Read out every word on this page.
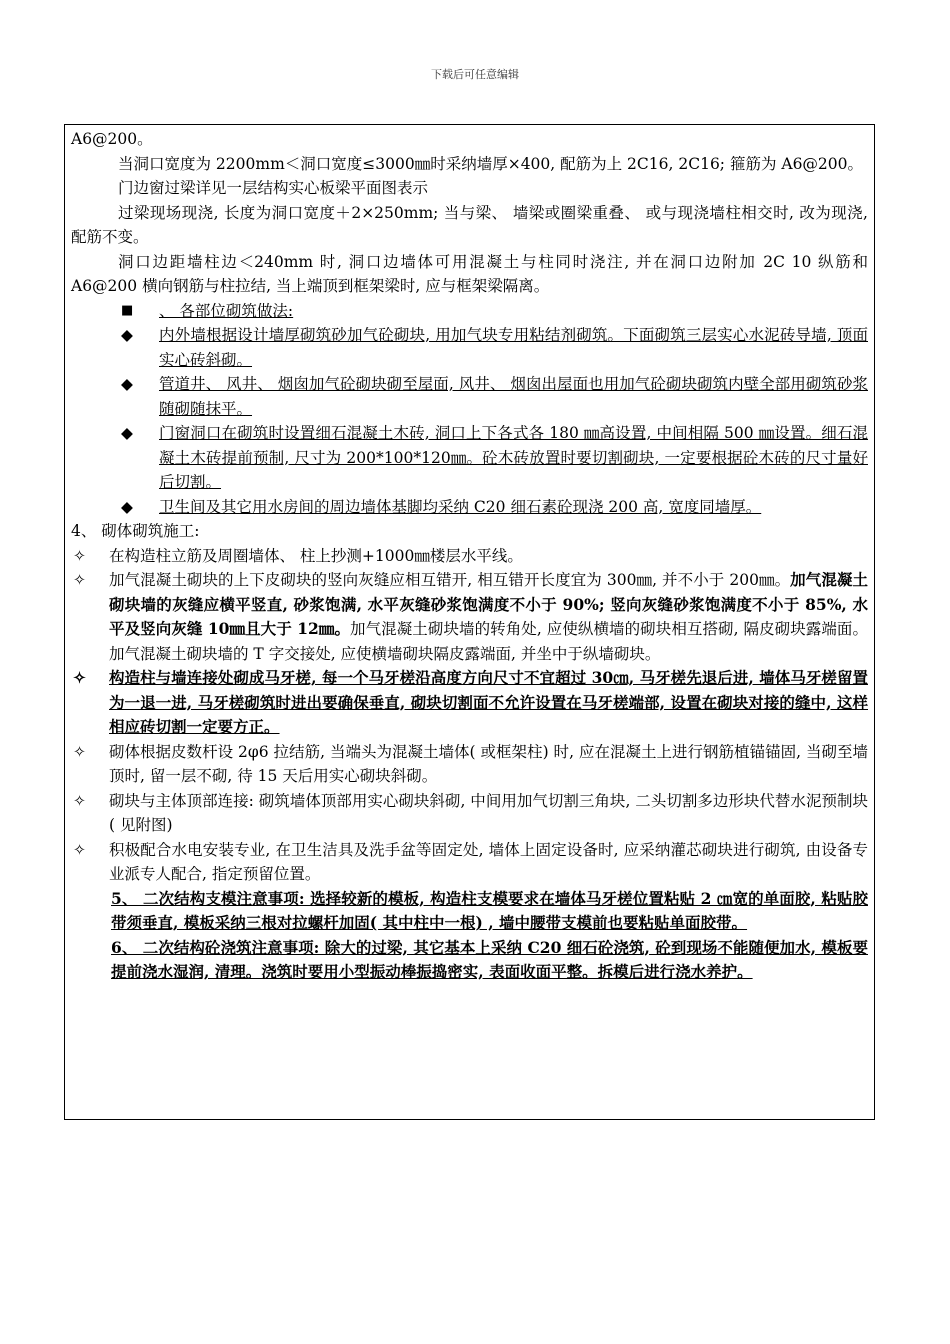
下载后可任意编辑

A6@200。

当洞口宽度为 2200mm＜洞口宽度≤3000㎜时采纳墙厚×400, 配筋为上 2C16, 2C16; 箍筋为 A6@200。

门边窗过梁详见一层结构实心板梁平面图表示

过梁现场现浇, 长度为洞口宽度＋2×250mm; 当与梁、 墙梁或圈梁重叠、 或与现浇墙柱相交时, 改为现浇, 配筋不变。

洞口边距墙柱边＜240mm 时, 洞口边墙体可用混凝土与柱同时浇注, 并在洞口边附加 2C 10 纵筋和 A6@200 横向钢筋与柱拉结, 当上端顶到框架梁时, 应与框架梁隔离。

■	、 各部位砌筑做法:
◆	内外墙根据设计墙厚砌筑砂加气砼砌块, 用加气块专用粘结剂砌筑。下面砌筑三层实心水泥砖导墙, 顶面实心砖斜砌。
◆	管道井、 风井、 烟囱加气砼砌块砌至屋面, 风井、 烟囱出屋面也用加气砼砌块砌筑内壁全部用砌筑砂浆随砌随抹平。
◆	门窗洞口在砌筑时设置细石混凝土木砖, 洞口上下各式各 180 ㎜高设置, 中间相隔 500 ㎜设置。细石混凝土木砖提前预制, 尺寸为 200*100*120㎜。砼木砖放置时要切割砌块, 一定要根据砼木砖的尺寸量好后切割。
◆	卫生间及其它用水房间的周边墙体基脚均采纳 C20 细石素砼现浇 200 高, 宽度同墙厚。

4、 砌体砌筑施工:

✧	在构造柱立筋及周圈墙体、 柱上抄测+1000㎜楼层水平线。
✧	加气混凝土砌块的上下皮砌块的竖向灰缝应相互错开, 相互错开长度宜为 300㎜, 并不小于 200㎜。加气混凝土砌块墙的灰缝应横平竖直, 砂浆饱满, 水平灰缝砂浆饱满度不小于 90%; 竖向灰缝砂浆饱满度不小于 85%, 水平及竖向灰缝 10㎜且大于 12㎜。加气混凝土砌块墙的转角处, 应使纵横墙的砌块相互搭砌, 隔皮砌块露端面。加气混凝土砌块墙的 T 字交接处, 应使横墙砌块隔皮露端面, 并坐中于纵墙砌块。
✧	构造柱与墙连接处砌成马牙槎, 每一个马牙槎沿高度方向尺寸不宜超过 30㎝, 马牙槎先退后进, 墙体马牙槎留置为一退一进, 马牙槎砌筑时进出要确保垂直, 砌块切割面不允许设置在马牙槎端部, 设置在砌块对接的缝中, 这样相应砖切割一定要方正。
✧	砌体根据皮数杆设 2φ6 拉结筋, 当端头为混凝土墙体( 或框架柱) 时, 应在混凝土上进行钢筋植锚锚固, 当砌至墙顶时, 留一层不砌, 待 15 天后用实心砌块斜砌。
✧	砌块与主体顶部连接: 砌筑墙体顶部用实心砌块斜砌, 中间用加气切割三角块, 二头切割多边形块代替水泥预制块( 见附图)
✧	积极配合水电安装专业, 在卫生洁具及洗手盆等固定处, 墙体上固定设备时, 应采纳灌芯砌块进行砌筑, 由设备专业派专人配合, 指定预留位置。

5、 二次结构支模注意事项: 选择较新的模板, 构造柱支模要求在墙体马牙槎位置粘贴 2 ㎝宽的单面胶, 粘贴胶带须垂直, 模板采纳三根对拉螺杆加固( 其中柱中一根) , 墙中腰带支模前也要粘贴单面胶带。

6、 二次结构砼浇筑注意事项: 除大的过梁, 其它基本上采纳 C20 细石砼浇筑, 砼到现场不能随便加水, 模板要提前浇水湿润, 清理。浇筑时要用小型振动棒振捣密实, 表面收面平整。拆模后进行浇水养护。
